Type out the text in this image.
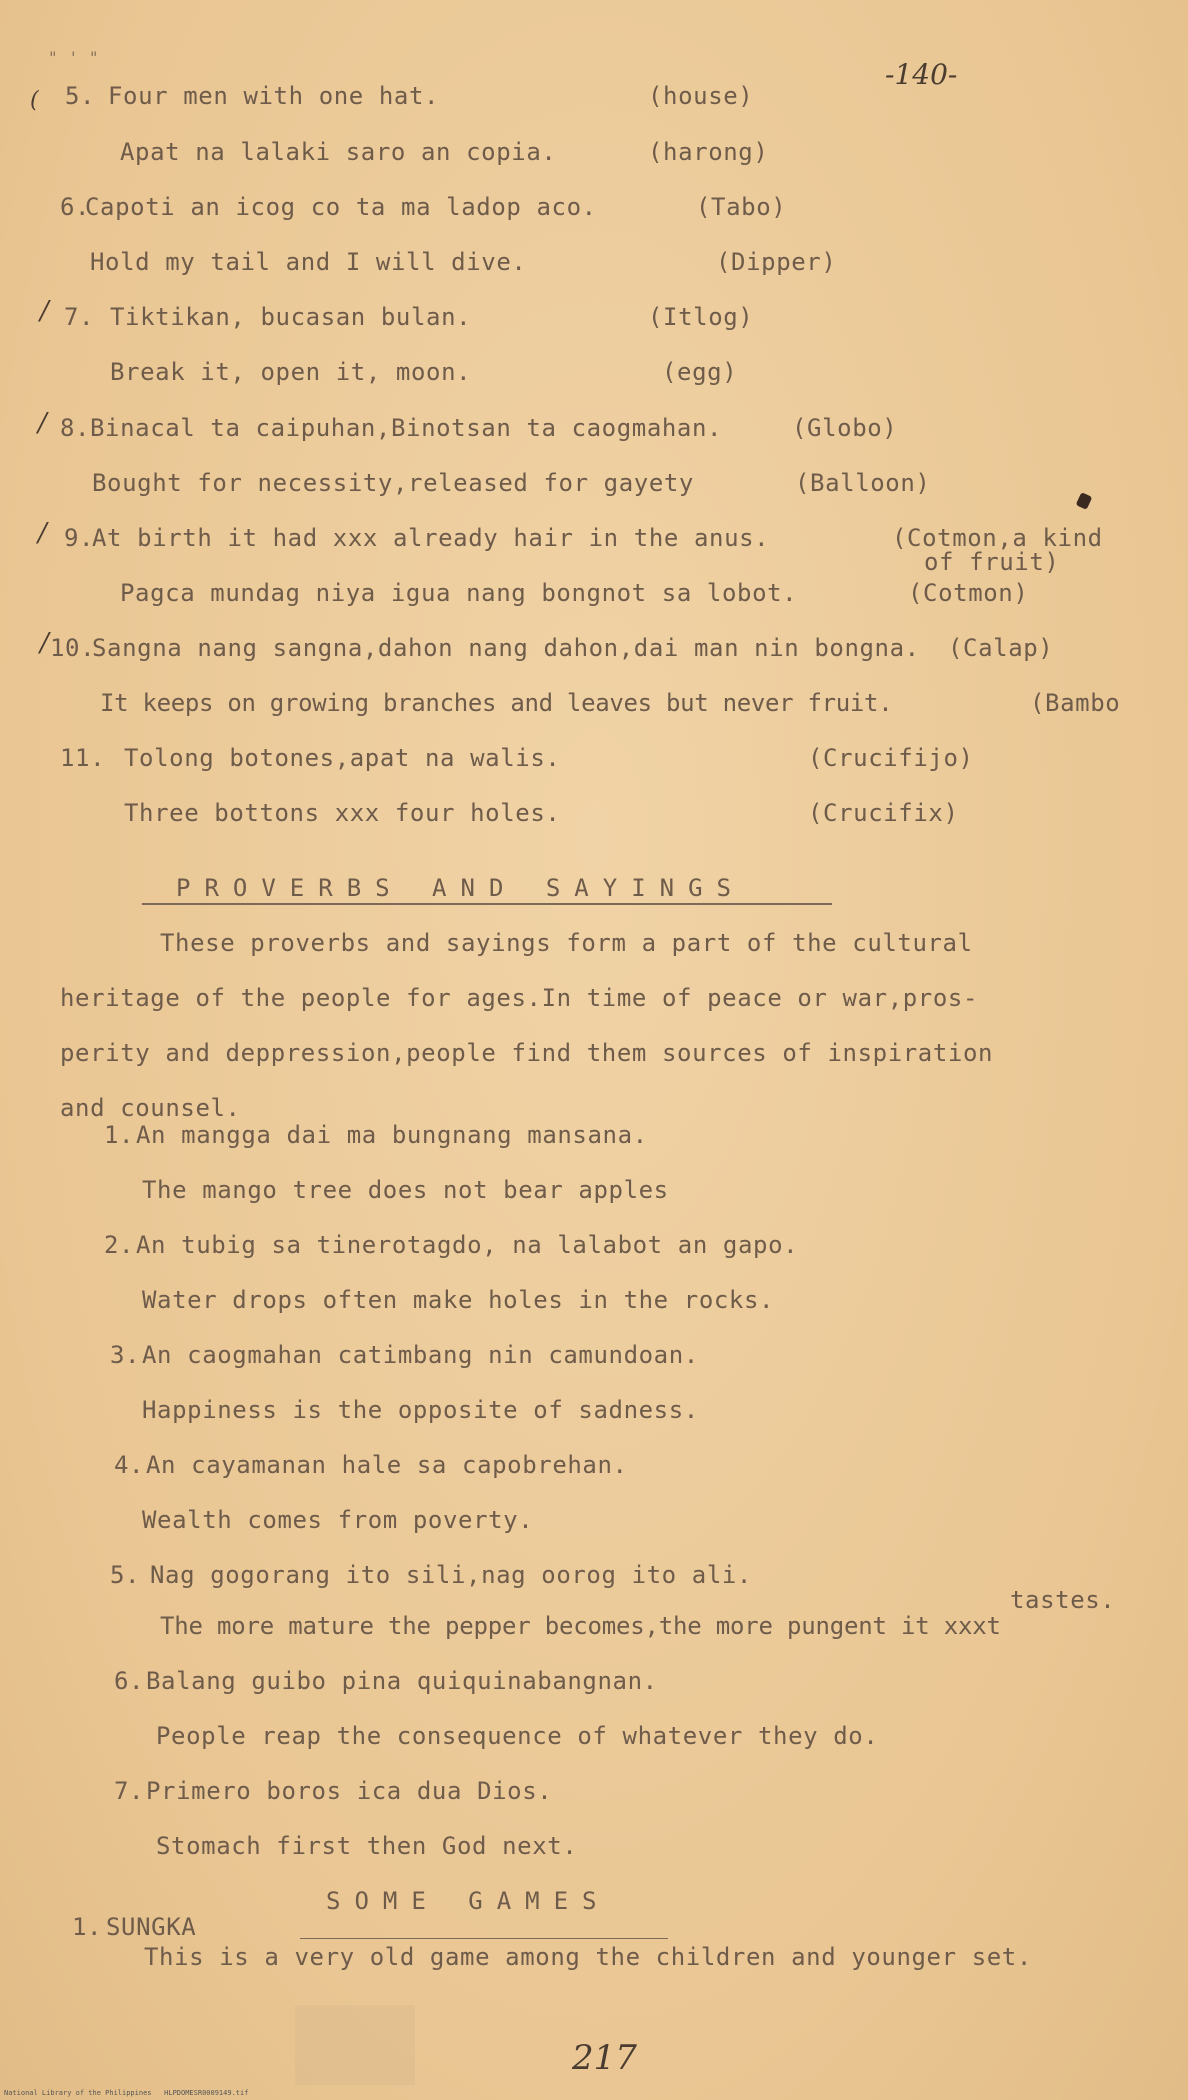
" ' "
-140-
(
/
/
/
/
5. Four men with one hat.	(house)
Apat na lalaki saro an copia.	(harong)
6.
Capoti an icog co ta ma ladop aco.	(Tabo)
Hold my tail and I will dive.	(Dipper)
7. Tiktikan, bucasan bulan.	(Itlog)
Break it, open it, moon.	(egg)
8. Binacal ta caipuhan,Binotsan ta caogmahan.	(Globo)
Bought for necessity,released for gayety	(Balloon)
9.
At birth it had xxx already hair in the anus.	(Cotmon,a kind
of fruit)
Pagca mundag niya igua nang bongnot sa lobot.	(Cotmon)
10.
Sangna nang sangna,dahon nang dahon,dai man nin bongna. (Calap)
It keeps on growing branches and leaves but never fruit.	(Bambo
11. Tolong botones,apat na walis.	(Crucifijo)
Three bottons xxx four holes.	(Crucifix)
PROVERBS AND SAYINGS
These proverbs and sayings form a part of the cultural
heritage of the people for ages.In time of peace or war,pros-
perity and deppression,people find them sources of inspiration
and counsel.
1. An mangga dai ma bungnang mansana.
The mango tree does not bear apples
2. An tubig sa tinerotagdo, na lalabot an gapo.
Water drops often make holes in the rocks.
3. An caogmahan catimbang nin camundoan.
Happiness is the opposite of sadness.
4. An cayamanan hale sa capobrehan.
Wealth comes from poverty.
5. Nag gogorang ito sili,nag oorog ito ali.
tastes.
The more mature the pepper becomes,the more pungent it xxxt
6. Balang guibo pina quiquinabangnan.
People reap the consequence of whatever they do.
7. Primero boros ica dua Dios.
Stomach first then God next.
SOME GAMES
1. SUNGKA
This is a very old game among the children and younger set.
217
National Library of the Philippines   HLPDOMESR0009149.tif
